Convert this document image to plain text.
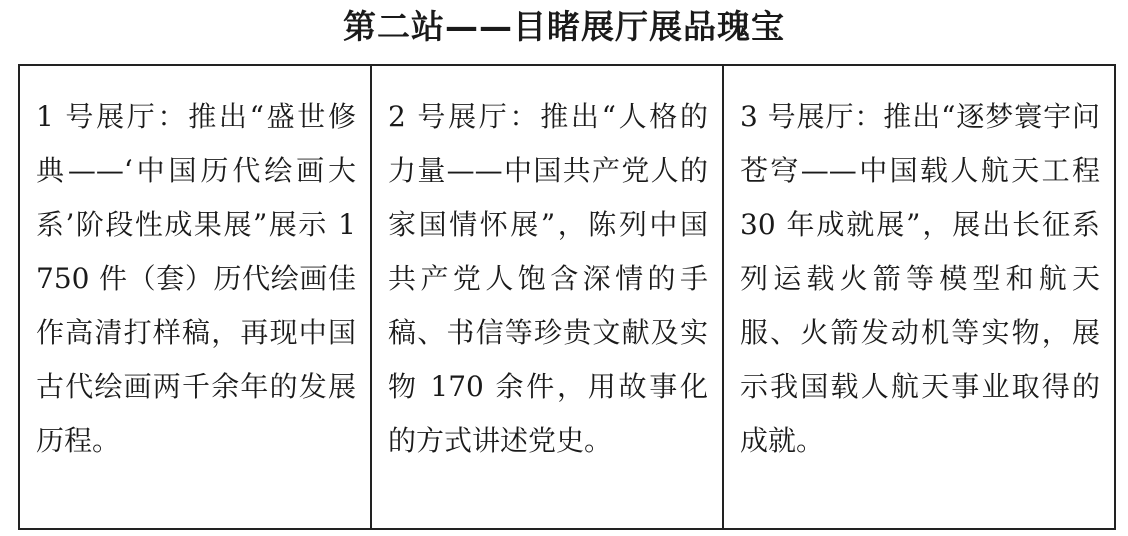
第二站——目睹展厅展品瑰宝
1 号展厅：推出“盛世修典——‘中国历代绘画大系’阶段性成果展”展示 1 750 件（套）历代绘画佳作高清打样稿，再现中国古代绘画两千余年的发展历程。
2 号展厅：推出“人格的力量——中国共产党人的家国情怀展”，陈列中国共产党人饱含深情的手稿、书信等珍贵文献及实物 170 余件，用故事化的方式讲述党史。
3 号展厅：推出“逐梦寰宇问苍穹——中国载人航天工程 30 年成就展”，展出长征系列运载火箭等模型和航天服、火箭发动机等实物，展示我国载人航天事业取得的成就。
